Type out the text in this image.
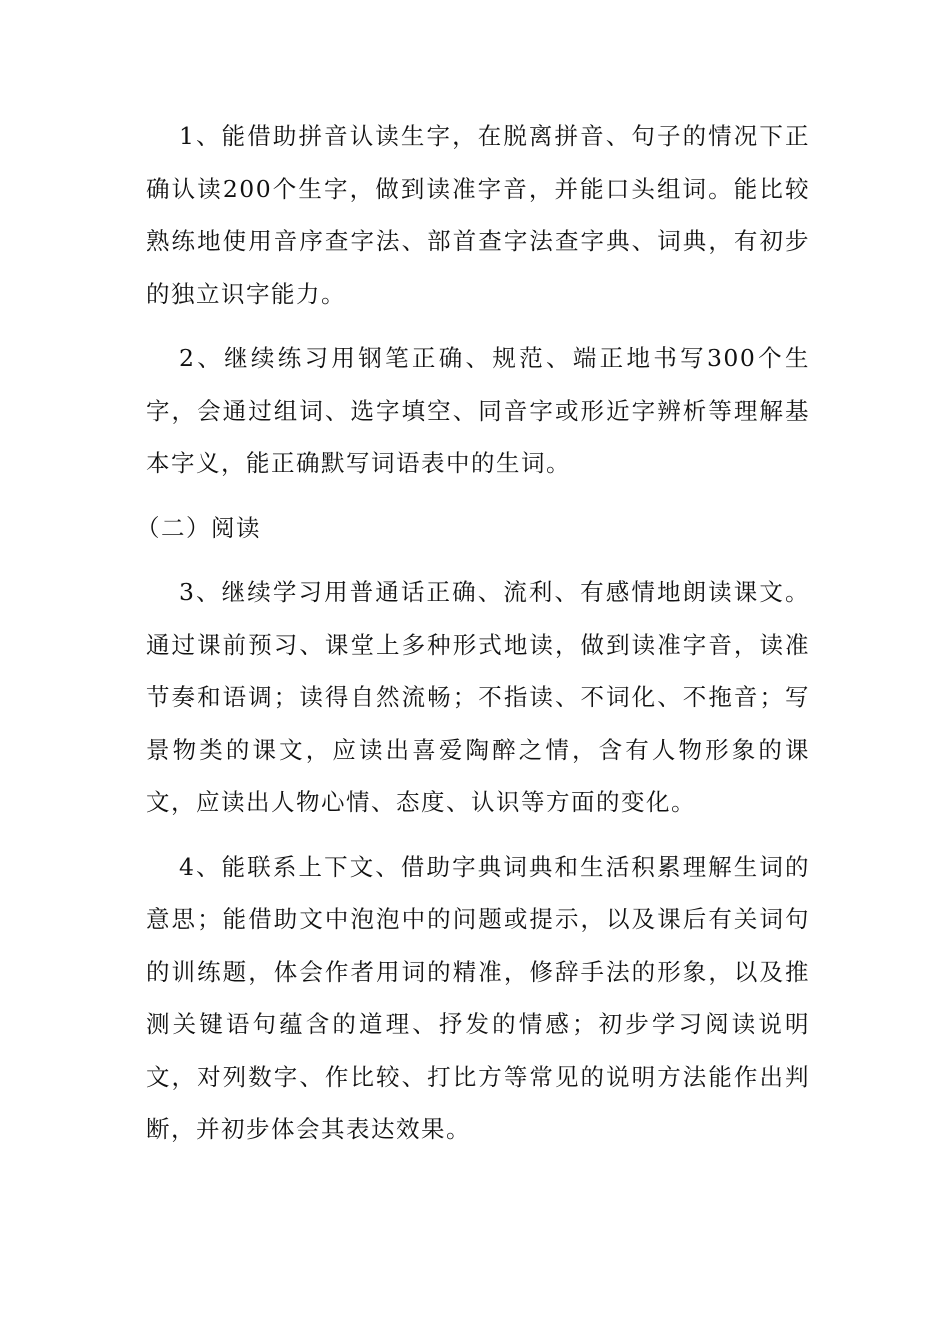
1、能借助拼音认读生字，在脱离拼音、句子的情况下正确认读200个生字，做到读准字音，并能口头组词。能比较熟练地使用音序查字法、部首查字法查字典、词典，有初步的独立识字能力。

2、继续练习用钢笔正确、规范、端正地书写300个生字，会通过组词、选字填空、同音字或形近字辨析等理解基本字义，能正确默写词语表中的生词。

（二）阅读

3、继续学习用普通话正确、流利、有感情地朗读课文。通过课前预习、课堂上多种形式地读，做到读准字音，读准节奏和语调；读得自然流畅；不指读、不词化、不拖音；写景物类的课文，应读出喜爱陶醉之情，含有人物形象的课文，应读出人物心情、态度、认识等方面的变化。

4、能联系上下文、借助字典词典和生活积累理解生词的意思；能借助文中泡泡中的问题或提示，以及课后有关词句的训练题，体会作者用词的精准，修辞手法的形象，以及推测关键语句蕴含的道理、抒发的情感；初步学习阅读说明文，对列数字、作比较、打比方等常见的说明方法能作出判断，并初步体会其表达效果。
